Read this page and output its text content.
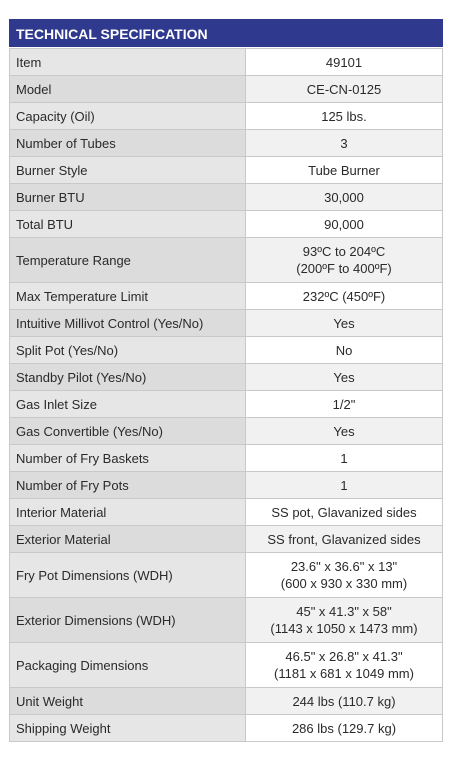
TECHNICAL SPECIFICATION
Item	49101

Model	CE-CN-0125

Capacity (Oil)	125 lbs.

Number of Tubes	3

Burner Style	Tube Burner

Burner BTU	30,000

Total BTU	90,000

Temperature Range	93ºC to 204ºC
(200ºF to 400ºF)

Max Temperature Limit	232ºC (450ºF)

Intuitive Millivot Control (Yes/No)	Yes

Split Pot (Yes/No)	No

Standby Pilot (Yes/No)	Yes

Gas Inlet Size	1/2"

Gas Convertible (Yes/No)	Yes

Number of Fry Baskets	1

Number of Fry Pots	1

Interior Material	SS pot, Glavanized sides

Exterior Material	SS front, Glavanized sides

Fry Pot Dimensions (WDH)	23.6" x 36.6" x 13"
(600 x 930 x 330 mm)

Exterior Dimensions (WDH)	45" x 41.3" x 58"
(1143 x 1050 x 1473 mm)

Packaging Dimensions	46.5" x 26.8" x 41.3"
(1181 x 681 x 1049 mm)

Unit Weight	244 lbs (110.7 kg)

Shipping Weight	286 lbs (129.7 kg)
